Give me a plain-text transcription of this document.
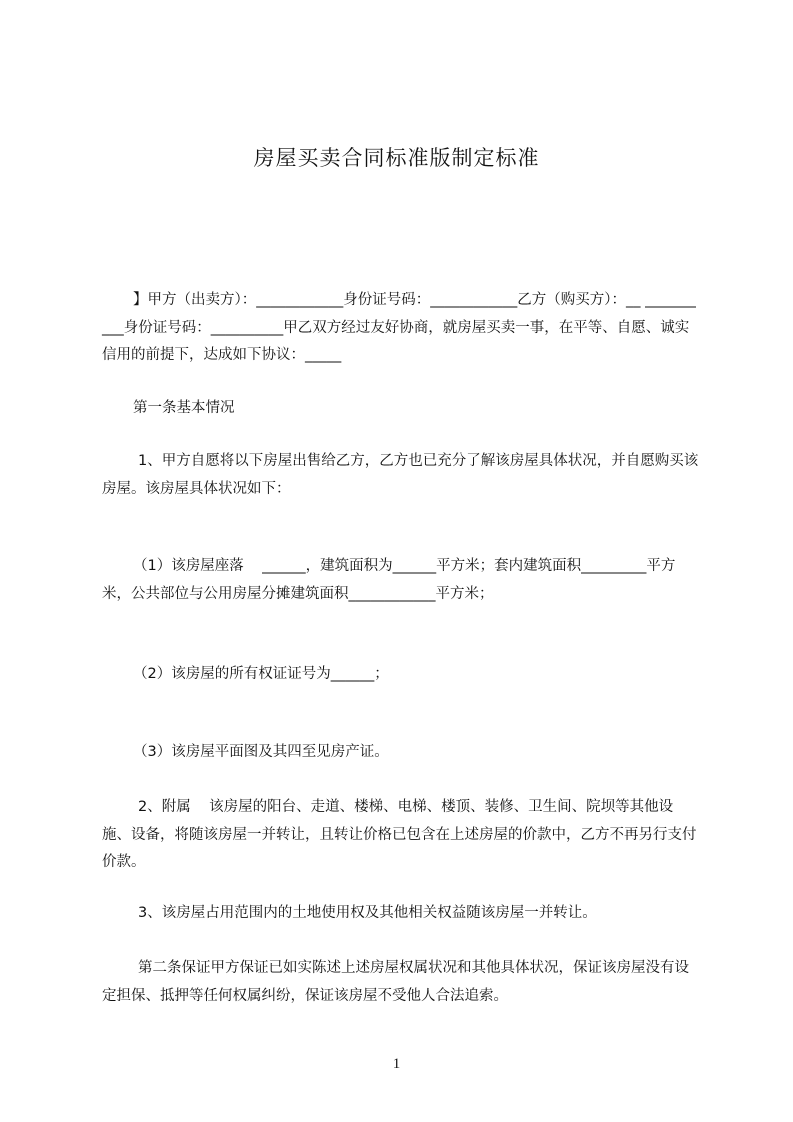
房屋买卖合同标准版制定标准
】甲方（出卖方）：____________身份证号码：____________乙方（购买方）：__ __________身份证号码：__________甲乙双方经过友好协商，就房屋买卖一事，在平等、自愿、诚实信用的前提下，达成如下协议：_____
第一条基本情况
1、甲方自愿将以下房屋出售给乙方，乙方也已充分了解该房屋具体状况，并自愿购买该房屋。该房屋具体状况如下：
（1）该房屋座落    ______，建筑面积为______平方米；套内建筑面积_________平方米，公共部位与公用房屋分摊建筑面积____________平方米；
（2）该房屋的所有权证证号为______；
（3）该房屋平面图及其四至见房产证。
2、附属    该房屋的阳台、走道、楼梯、电梯、楼顶、装修、卫生间、院坝等其他设施、设备，将随该房屋一并转让，且转让价格已包含在上述房屋的价款中，乙方不再另行支付价款。
3、该房屋占用范围内的土地使用权及其他相关权益随该房屋一并转让。
第二条保证甲方保证已如实陈述上述房屋权属状况和其他具体状况，保证该房屋没有设定担保、抵押等任何权属纠纷，保证该房屋不受他人合法追索。
1
